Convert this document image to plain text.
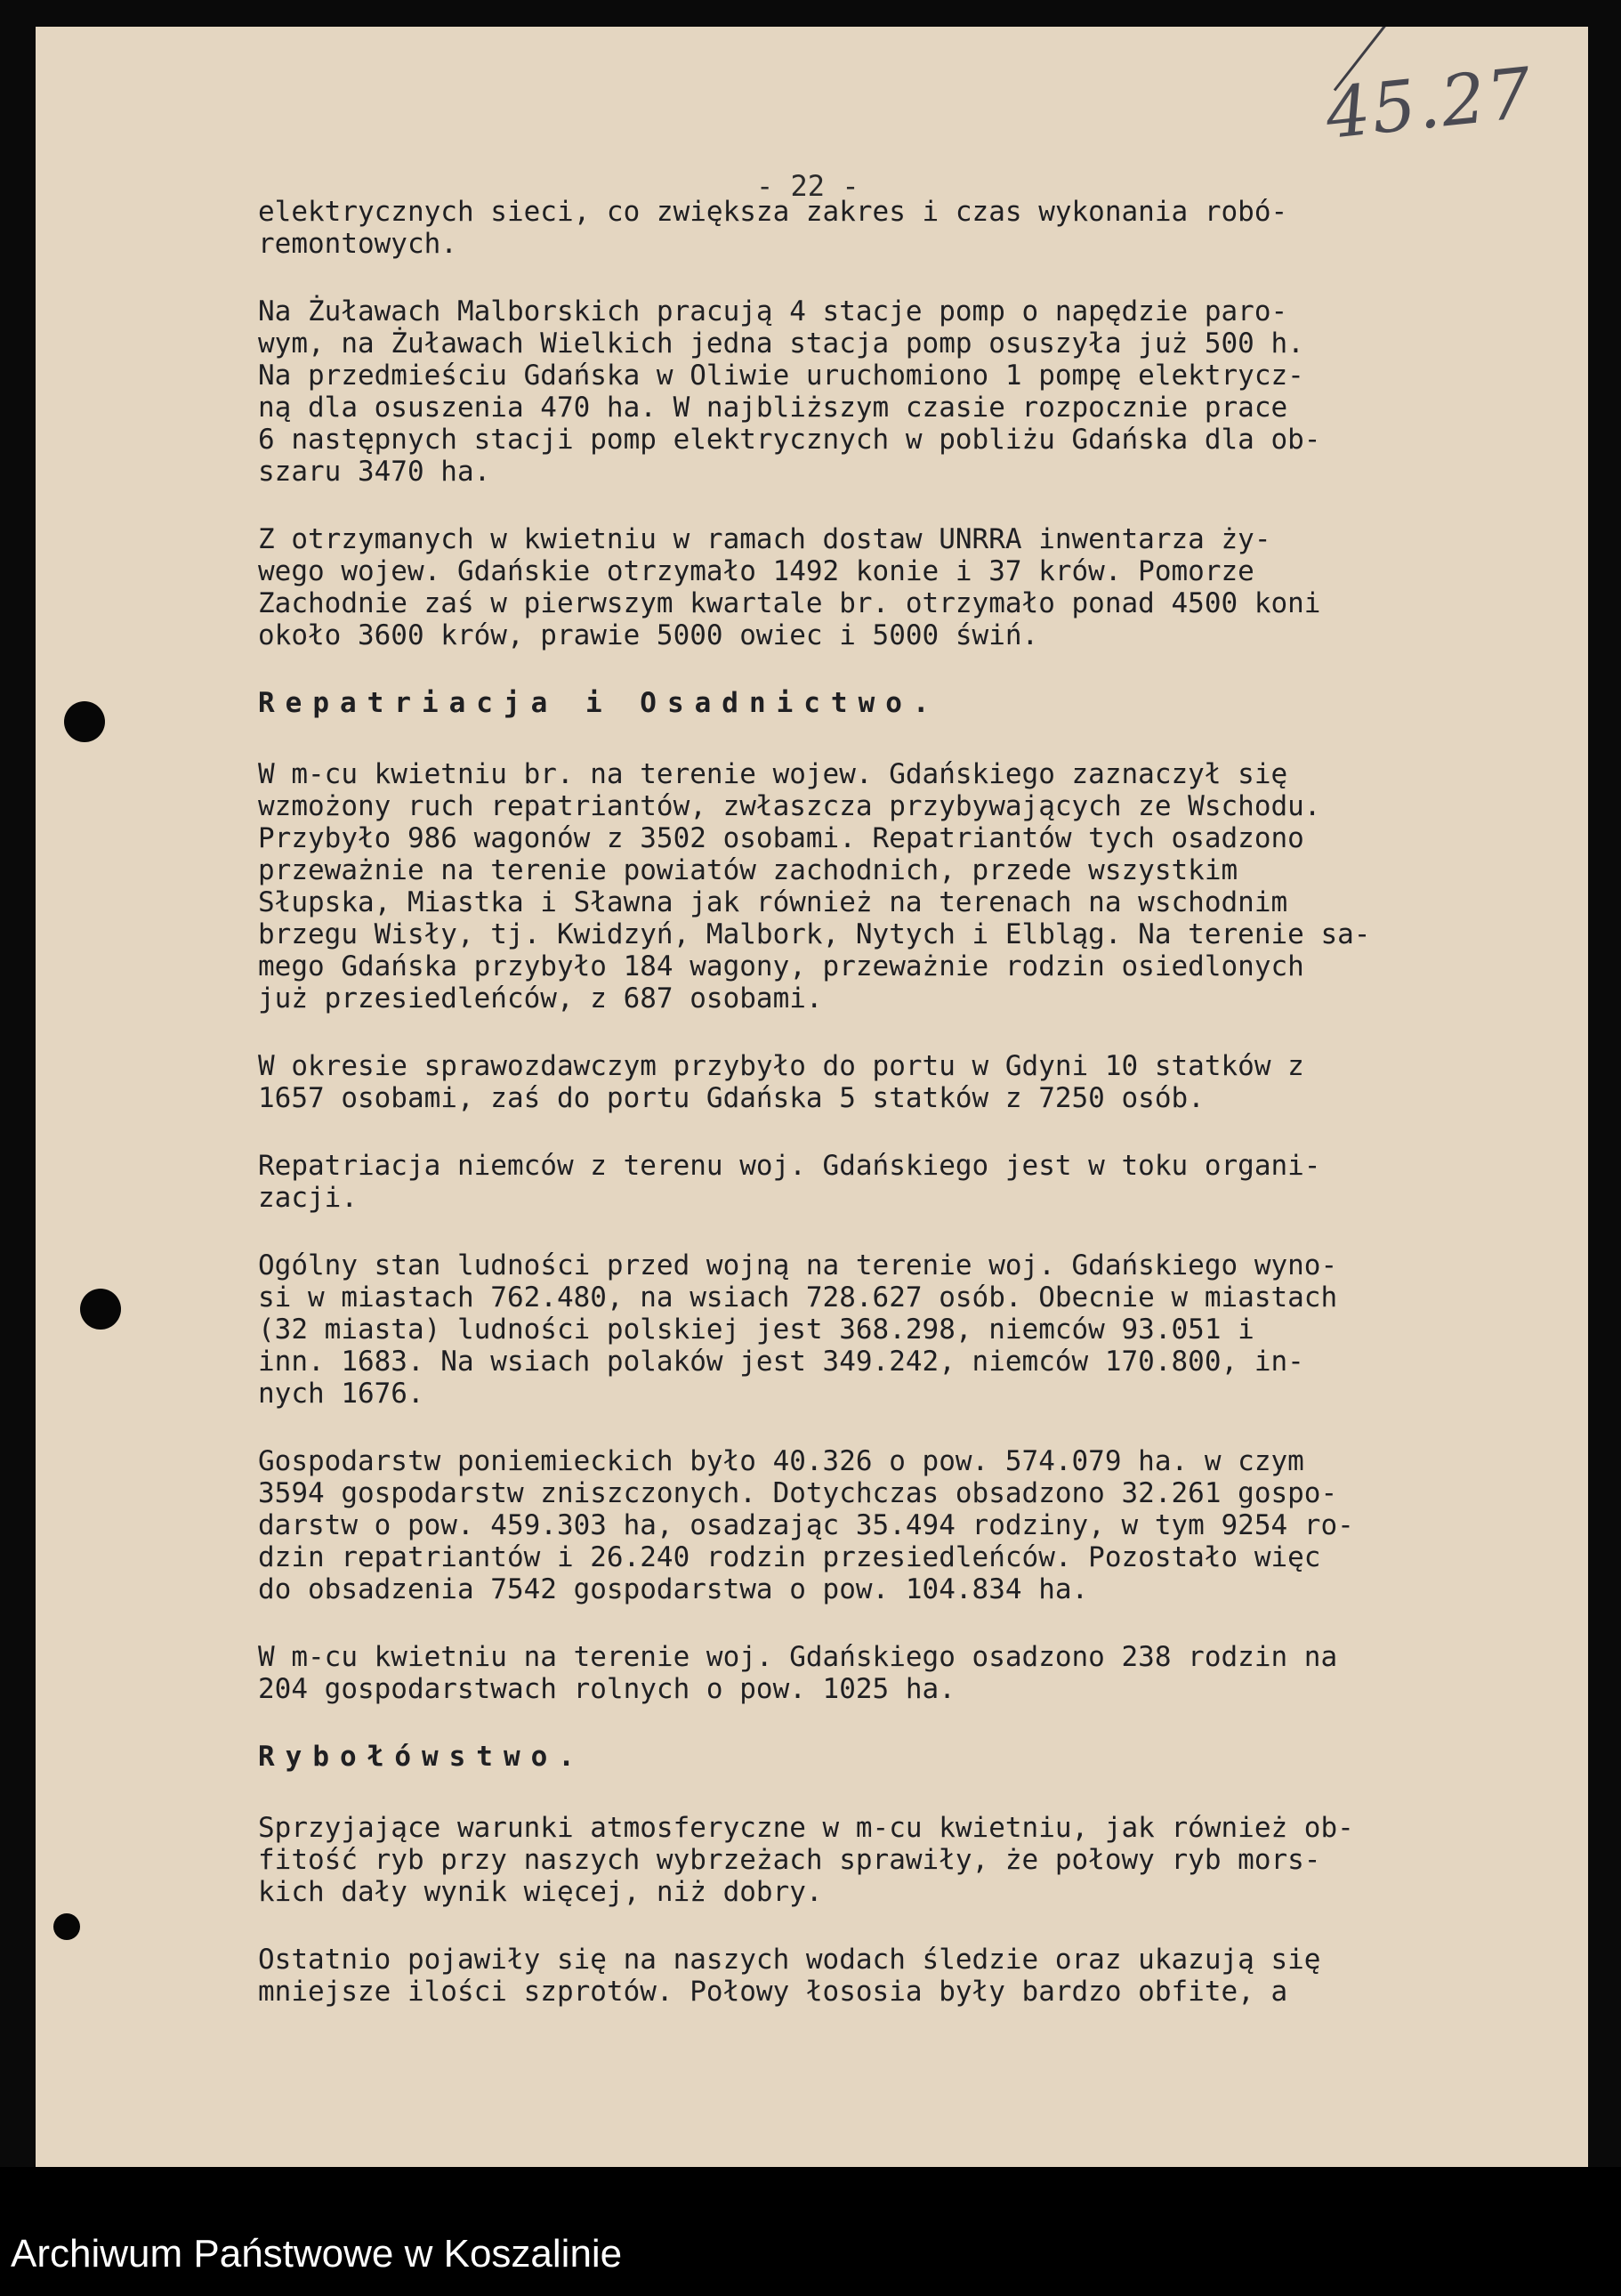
45.27
- 22 -

elektrycznych sieci, co zwiększa zakres i czas wykonania robó-
remontowych.

Na Żuławach Malborskich pracują 4 stacje pomp o napędzie paro-
wym, na Żuławach Wielkich jedna stacja pomp osuszyła już 500 h.
Na przedmieściu Gdańska w Oliwie uruchomiono 1 pompę elektrycz-
ną dla osuszenia 470 ha. W najbliższym czasie rozpocznie prace
6 następnych stacji pomp elektrycznych w pobliżu Gdańska dla ob-
szaru 3470 ha.

Z otrzymanych w kwietniu w ramach dostaw UNRRA inwentarza ży-
wego wojew. Gdańskie otrzymało 1492 konie i 37 krów. Pomorze
Zachodnie zaś w pierwszym kwartale br. otrzymało ponad 4500 koni
około 3600 krów, prawie 5000 owiec i 5000 świń.

Repatriacja i Osadnictwo.

W m-cu kwietniu br. na terenie wojew. Gdańskiego zaznaczył się
wzmożony ruch repatriantów, zwłaszcza przybywających ze Wschodu.
Przybyło 986 wagonów z 3502 osobami. Repatriantów tych osadzono
przeważnie na terenie powiatów zachodnich, przede wszystkim
Słupska, Miastka i Sławna jak również na terenach na wschodnim
brzegu Wisły, tj. Kwidzyń, Malbork, Nytych i Elbląg. Na terenie sa-
mego Gdańska przybyło 184 wagony, przeważnie rodzin osiedlonych
już przesiedleńców, z 687 osobami.

W okresie sprawozdawczym przybyło do portu w Gdyni 10 statków z
1657 osobami, zaś do portu Gdańska 5 statków z 7250 osób.

Repatriacja niemców z terenu woj. Gdańskiego jest w toku organi-
zacji.

Ogólny stan ludności przed wojną na terenie woj. Gdańskiego wyno-
si w miastach 762.480, na wsiach 728.627 osób. Obecnie w miastach
(32 miasta) ludności polskiej jest 368.298, niemców 93.051 i
inn. 1683. Na wsiach polaków jest 349.242, niemców 170.800, in-
nych 1676.

Gospodarstw poniemieckich było 40.326 o pow. 574.079 ha. w czym
3594 gospodarstw zniszczonych. Dotychczas obsadzono 32.261 gospo-
darstw o pow. 459.303 ha, osadzając 35.494 rodziny, w tym 9254 ro-
dzin repatriantów i 26.240 rodzin przesiedleńców. Pozostało więc
do obsadzenia 7542 gospodarstwa o pow. 104.834 ha.

W m-cu kwietniu na terenie woj. Gdańskiego osadzono 238 rodzin na
204 gospodarstwach rolnych o pow. 1025 ha.

Rybołówstwo.

Sprzyjające warunki atmosferyczne w m-cu kwietniu, jak również ob-
fitość ryb przy naszych wybrzeżach sprawiły, że połowy ryb mors-
kich dały wynik więcej, niż dobry.

Ostatnio pojawiły się na naszych wodach śledzie oraz ukazują się
mniejsze ilości szprotów. Połowy łososia były bardzo obfite, a

Archiwum Państwowe w Koszalinie
